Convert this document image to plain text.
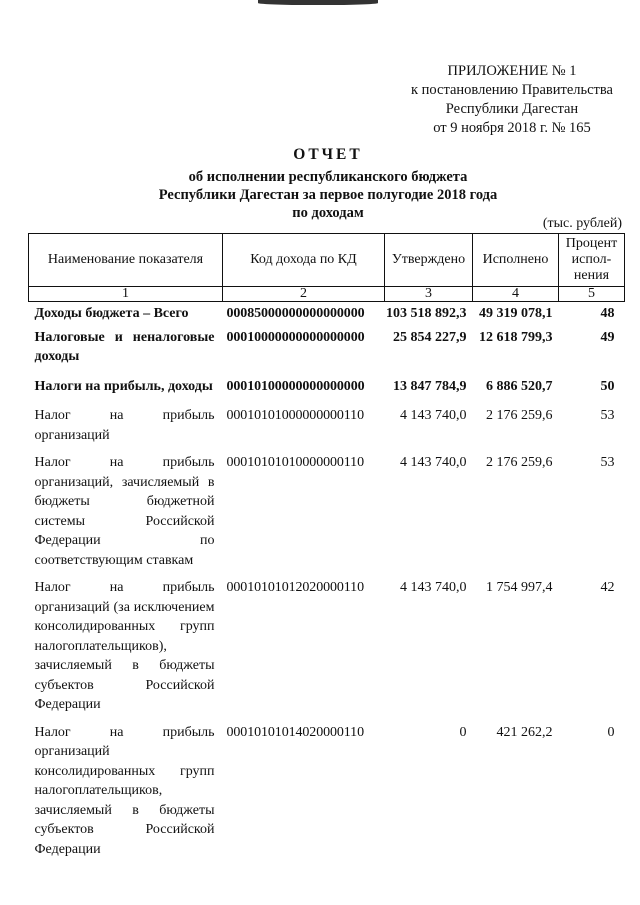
ПРИЛОЖЕНИЕ № 1
к постановлению Правительства
Республики Дагестан
от 9 ноября 2018 г. № 165
ОТЧЕТ
об исполнении республиканского бюджета
Республики Дагестан за первое полугодие 2018 года
по доходам
(тыс. рублей)
Наименование показателя	Код дохода по КД	Утверждено	Исполнено	Процент испол-нения
1	2	3	4	5
Доходы бюджета – Всего	00085000000000000000	103 518 892,3	49 319 078,1	48
Налоговые и неналоговые доходы	00010000000000000000	25 854 227,9	12 618 799,3	49
Налоги на прибыль, доходы	00010100000000000000	13 847 784,9	6 886 520,7	50
Налог на прибыль организаций	00010101000000000110	4 143 740,0	2 176 259,6	53
Налог на прибыль организаций, зачисляемый в бюджеты бюджетной системы Российской Федерации по соответствующим ставкам	00010101010000000110	4 143 740,0	2 176 259,6	53
Налог на прибыль организаций (за исключением консолидированных групп налогоплательщиков), зачисляемый в бюджеты субъектов Российской Федерации	00010101012020000110	4 143 740,0	1 754 997,4	42
Налог на прибыль организаций консолидированных групп налогоплательщиков, зачисляемый в бюджеты субъектов Российской Федерации	00010101014020000110	0	421 262,2	0
